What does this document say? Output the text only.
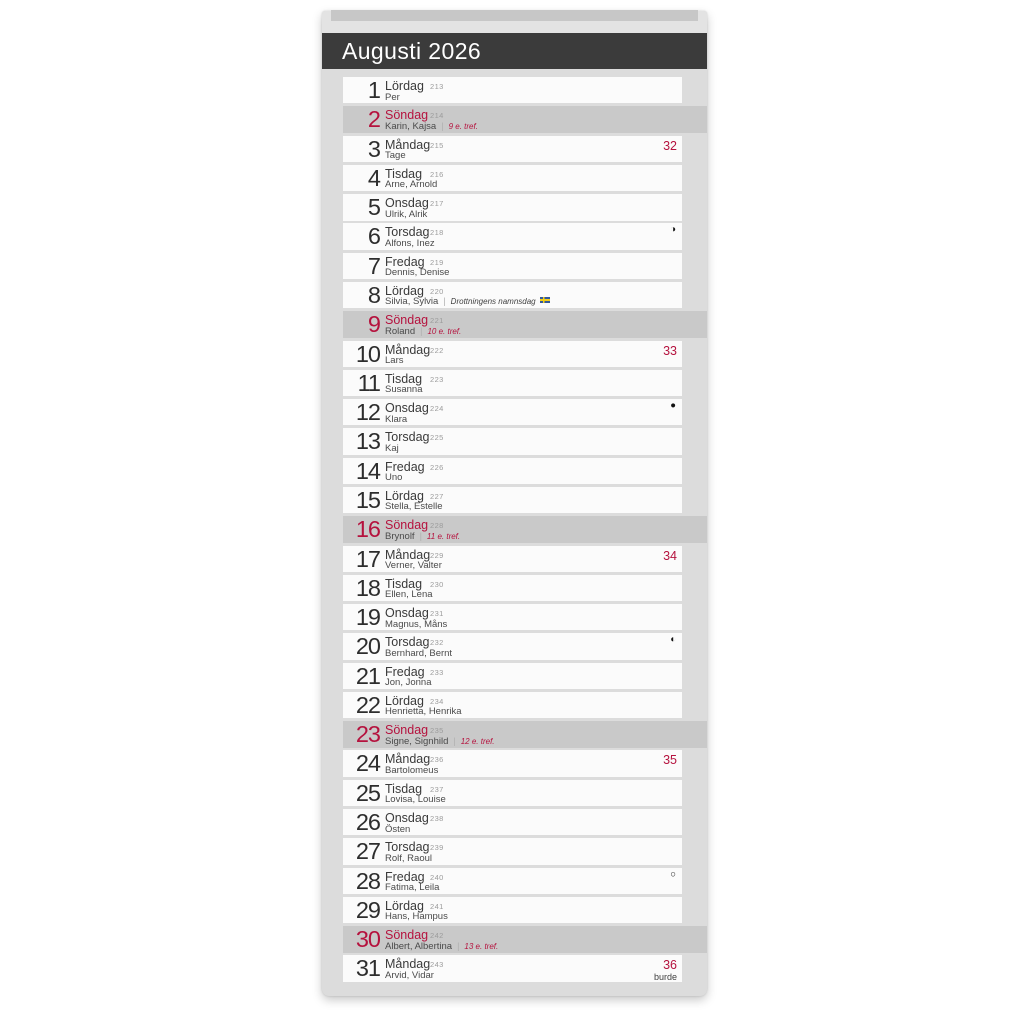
Augusti 2026
1 Lördag 213
Per
2 Söndag 214
Karin, Kajsa | 9 e. tref.
3 Måndag 215
Tage
32
4 Tisdag 216
Arne, Arnold
5 Onsdag 217
Ulrik, Alrik
6 Torsdag 218
Alfons, Inez
◑
7 Fredag 219
Dennis, Denise
8 Lördag 220
Silvia, Sylvia | Drottningens namnsdag
9 Söndag 221
Roland | 10 e. tref.
10 Måndag 222
Lars
33
11 Tisdag 223
Susanna
12 Onsdag 224
Klara
●
13 Torsdag 225
Kaj
14 Fredag 226
Uno
15 Lördag 227
Stella, Estelle
16 Söndag 228
Brynolf | 11 e. tref.
17 Måndag 229
Verner, Valter
34
18 Tisdag 230
Ellen, Lena
19 Onsdag 231
Magnus, Måns
20 Torsdag 232
Bernhard, Bernt
◐
21 Fredag 233
Jon, Jonna
22 Lördag 234
Henrietta, Henrika
23 Söndag 235
Signe, Signhild | 12 e. tref.
24 Måndag 236
Bartolomeus
35
25 Tisdag 237
Lovisa, Louise
26 Onsdag 238
Östen
27 Torsdag 239
Rolf, Raoul
28 Fredag 240
Fatima, Leila
○
29 Lördag 241
Hans, Hampus
30 Söndag 242
Albert, Albertina | 13 e. tref.
31 Måndag 243
Arvid, Vidar
36
burde
